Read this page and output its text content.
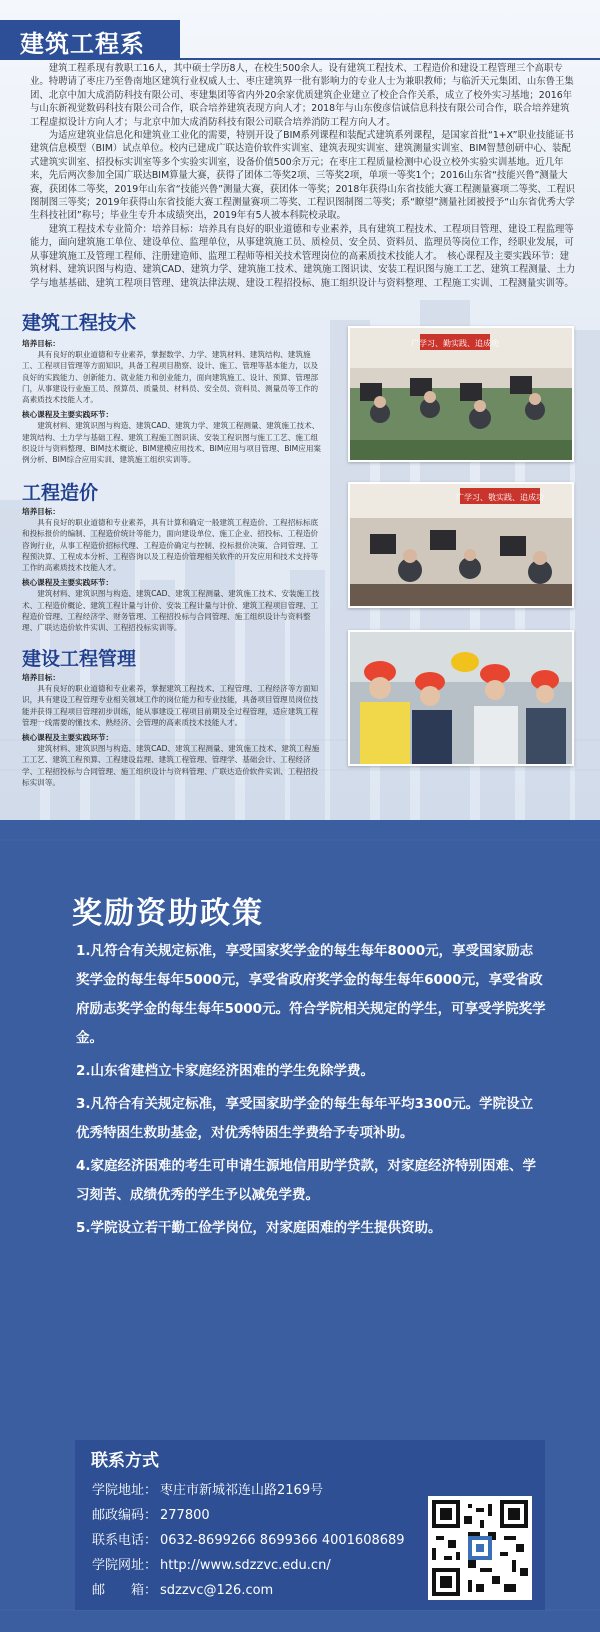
建筑工程系

建筑工程系现有教职工16人，其中硕士学历8人，在校生500余人。设有建筑工程技术、工程造价和建设工程管理三个高职专业。特聘请了枣庄乃至鲁南地区建筑行业权威人士、枣庄建筑界一批有影响力的专业人士为兼职教师；与临沂天元集团、山东鲁王集团、北京中加大成消防科技有限公司、枣建集团等省内外20余家优质建筑企业建立了校企合作关系，成立了校外实习基地；2016年与山东新视觉数码科技有限公司合作，联合培养建筑表现方向人才；2018年与山东俊彦信诚信息科技有限公司合作，联合培养建筑工程虚拟设计方向人才；与北京中加大成消防科技有限公司联合培养消防工程方向人才。

为适应建筑业信息化和建筑业工业化的需要，特别开设了BIM系列课程和装配式建筑系列课程，是国家首批“1+X”职业技能证书建筑信息模型（BIM）试点单位。校内已建成广联达造价软件实训室、建筑表现实训室、建筑测量实训室、BIM智慧创研中心、装配式建筑实训室、招投标实训室等多个实验实训室，设备价值500余万元；在枣庄工程质量检测中心设立校外实验实训基地。近几年来，先后两次参加全国广联达BIM算量大赛，获得了团体二等奖2项、三等奖2项，单项一等奖1个；2016山东省“技能兴鲁”测量大赛，获团体二等奖，2019年山东省“技能兴鲁”测量大赛，获团体一等奖；2018年获得山东省技能大赛工程测量赛项二等奖、工程识图制图三等奖；2019年获得山东省技能大赛工程测量赛项二等奖、工程识图制图二等奖；系“瞭望”测量社团被授予“山东省优秀大学生科技社团”称号；毕业生专升本成绩突出，2019年有5人被本科院校录取。

建筑工程技术专业简介：培养目标：培养具有良好的职业道德和专业素养，具有建筑工程技术、工程项目管理、建设工程监理等能力，面向建筑施工单位、建设单位、监理单位，从事建筑施工员、质检员、安全员、资料员、监理员等岗位工作，经职业发展，可从事建筑施工及管理工程师、注册建造师、监理工程师等相关技术管理岗位的高素质技术技能人才。　核心课程及主要实践环节：建筑材料、建筑识图与构造、建筑CAD、建筑力学、建筑施工技术、建筑施工图识读、安装工程识图与施工工艺、建筑工程测量、土力学与地基基础、建筑工程项目管理、建筑法律法规、建设工程招投标、施工组织设计与资料整理、工程施工实训、工程测量实训等。

建筑工程技术
培养目标：
具有良好的职业道德和专业素养，掌握数学、力学、建筑材料、建筑结构、建筑施工、工程项目管理等方面知识，具备工程项目勘察、设计、施工、管理等基本能力，以及良好的实践能力、创新能力、就业能力和创业能力，面向建筑施工、设计、预算、管理部门，从事建设行业施工员、预算员、质量员、材料员、安全员、资料员、测量员等工作的高素质技术技能人才。
核心课程及主要实践环节：
建筑材料、建筑识图与构造、建筑CAD、建筑力学、建筑工程测量、建筑施工技术、建筑结构、土力学与基础工程、建筑工程施工图识读、安装工程识图与施工工艺、施工组织设计与资料整理、BIM技术概论、BIM建模应用技术、BIM应用与项目管理、BIM应用案例分析、BIM综合应用实训、建筑施工组织实训等。
工程造价
培养目标：
具有良好的职业道德和专业素养，具有计算和确定一般建筑工程造价、工程招标标底和投标报价的编制、工程造价统计等能力，面向建设单位、施工企业、招投标、工程造价咨询行业，从事工程造价招标代理、工程造价确定与控制、投标报价决策、合同管理、工程预决算、工程成本分析、工程咨询以及工程造价管理相关软件的开发应用和技术支持等工作的高素质技术技能人才。
核心课程及主要实践环节：
建筑材料、建筑识图与构造、建筑CAD、建筑工程测量、建筑施工技术、安装施工技术、工程造价概论、建筑工程计量与计价、安装工程计量与计价、建筑工程项目管理、工程造价管理、工程经济学、财务管理、工程招投标与合同管理、施工组织设计与资料整理、广联达造价软件实训、工程招投标实训等。
建设工程管理
培养目标：
具有良好的职业道德和专业素养，掌握建筑工程技术、工程管理、工程经济等方面知识，具有建设工程管理专业相关领域工作的岗位能力和专业技能，具备项目管理员岗位技能并获得工程项目管理初步训练，能从事建设工程项目前期及全过程管理，适应建筑工程管理一线需要的懂技术、熟经济、会管理的高素质技术技能人才。
核心课程及主要实践环节：
建筑材料、建筑识图与构造、建筑CAD、建筑工程测量、建筑施工技术、建筑工程施工工艺、建筑工程预算、工程建设监理、建筑工程管理、管理学、基础会计、工程经济学、工程招投标与合同管理、施工组织设计与资料管理、广联达造价软件实训、工程招投标实训等。
广学习、勤实践、追成功
广学习、敬实践、追成功
奖励资助政策
1.凡符合有关规定标准，享受国家奖学金的每生每年8000元，享受国家励志奖学金的每生每年5000元，享受省政府奖学金的每生每年6000元，享受省政府励志奖学金的每生每年5000元。符合学院相关规定的学生，可享受学院奖学金。
2.山东省建档立卡家庭经济困难的学生免除学费。
3.凡符合有关规定标准，享受国家助学金的每生每年平均3300元。学院设立优秀特困生救助基金，对优秀特困生学费给予专项补助。
4.家庭经济困难的考生可申请生源地信用助学贷款，对家庭经济特别困难、学习刻苦、成绩优秀的学生予以减免学费。
5.学院设立若干勤工俭学岗位，对家庭困难的学生提供资助。
联系方式
学院地址： 枣庄市新城祁连山路2169号
邮政编码： 277800
联系电话： 0632-8699266 8699366 4001608689
学院网址： http://www.sdzzvc.edu.cn/
邮　　箱： sdzzvc@126.com
